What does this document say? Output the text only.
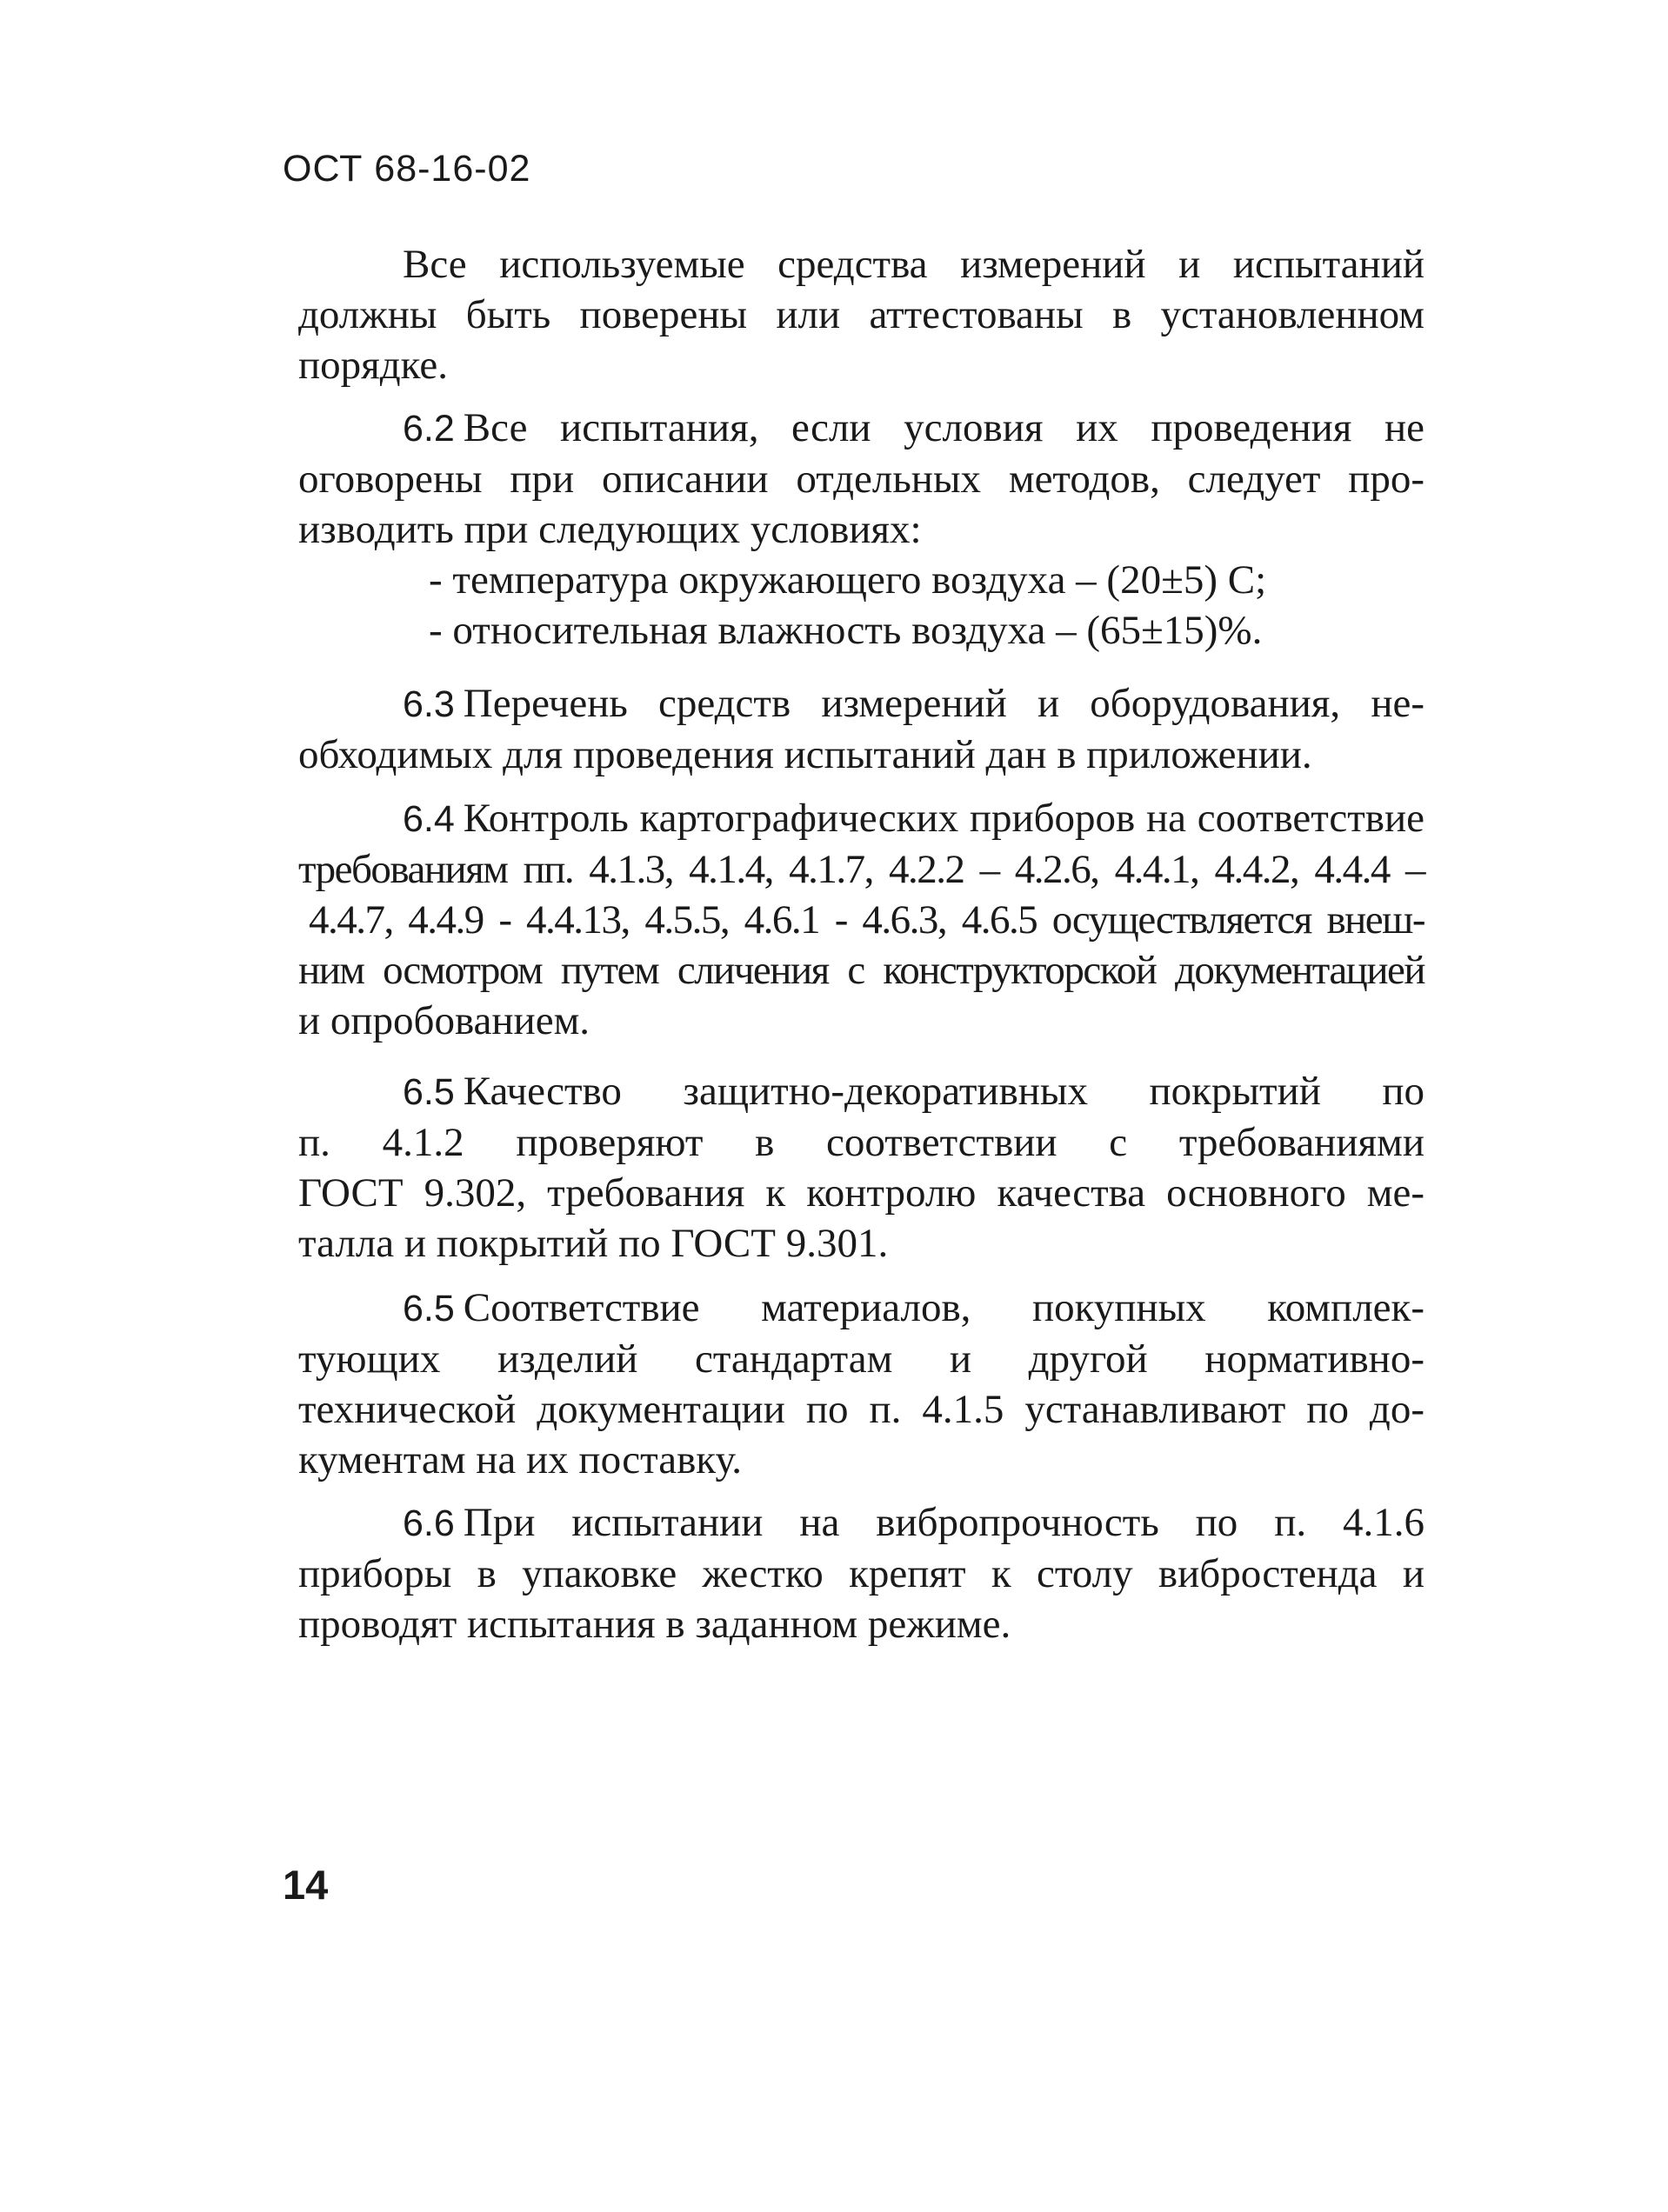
ОСТ 68-16-02
Все используемые средства измерений и испытаний
должны быть поверены или аттестованы в установленном
порядке.
6.2 Все испытания, если условия их проведения не
оговорены при описании отдельных методов, следует про-
изводить при следующих условиях:
- температура окружающего воздуха – (20±5) С;
- относительная влажность воздуха – (65±15)%.
6.3 Перечень средств измерений и оборудования, не-
обходимых для проведения испытаний дан в приложении.
6.4 Контроль картографических приборов на соответствие
требованиям пп. 4.1.3, 4.1.4, 4.1.7, 4.2.2 – 4.2.6, 4.4.1, 4.4.2, 4.4.4 –
4.4.7, 4.4.9 - 4.4.13, 4.5.5, 4.6.1 - 4.6.3, 4.6.5 осуществляется внеш-
ним осмотром путем сличения с конструкторской документацией
и опробованием.
6.5 Качество защитно-декоративных покрытий по
п. 4.1.2 проверяют в соответствии с требованиями
ГОСТ 9.302, требования к контролю качества основного ме-
талла и покрытий по ГОСТ 9.301.
6.5 Соответствие материалов, покупных комплек-
тующих изделий стандартам и другой нормативно-
технической документации по п. 4.1.5 устанавливают по до-
кументам на их поставку.
6.6 При испытании на вибропрочность по п. 4.1.6
приборы в упаковке жестко крепят к столу вибростенда и
проводят испытания в заданном режиме.
14
